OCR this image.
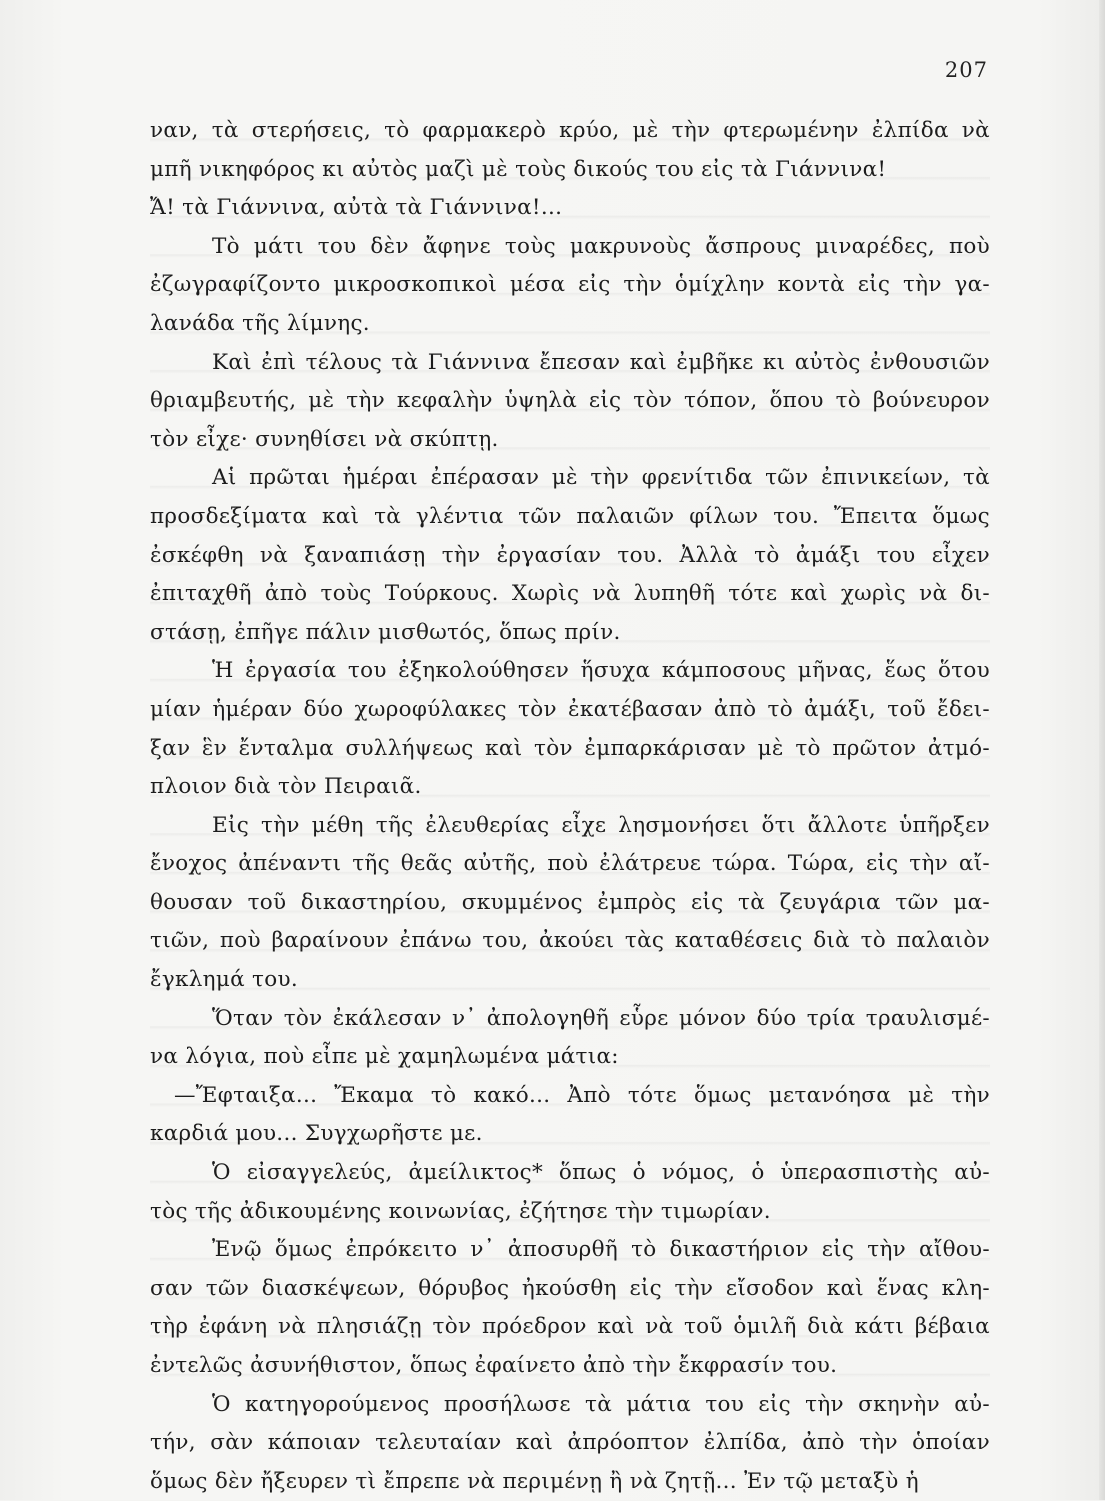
207
ναν, τὰ στερήσεις, τὸ φαρμακερὸ κρύο, μὲ τὴν φτερωμένην ἐλπίδα νὰ
μπῆ νικηφόρος κι αὐτὸς μαζὶ μὲ τοὺς δικούς του εἰς τὰ Γιάννινα!
Ἄ! τὰ Γιάννινα, αὐτὰ τὰ Γιάννινα!...
Τὸ μάτι του δὲν ἄφηνε τοὺς μακρυνοὺς ἄσπρους μιναρέδες, ποὺ
ἐζωγραφίζοντο μικροσκοπικοὶ μέσα εἰς τὴν ὁμίχλην κοντὰ εἰς τὴν γα-
λανάδα τῆς λίμνης.
Καὶ ἐπὶ τέλους τὰ Γιάννινα ἔπεσαν καὶ ἐμβῆκε κι αὐτὸς ἐνθουσιῶν
θριαμβευτής, μὲ τὴν κεφαλὴν ὑψηλὰ εἰς τὸν τόπον, ὅπου τὸ βούνευρον
τὸν εἶχε· συνηθίσει νὰ σκύπτῃ.
Αἱ πρῶται ἡμέραι ἐπέρασαν μὲ τὴν φρενίτιδα τῶν ἐπινικείων, τὰ
προσδεξίματα καὶ τὰ γλέντια τῶν παλαιῶν φίλων του. Ἔπειτα ὅμως
ἐσκέφθη νὰ ξαναπιάσῃ τὴν ἐργασίαν του. Ἀλλὰ τὸ ἀμάξι του εἶχεν
ἐπιταχθῆ ἀπὸ τοὺς Τούρκους. Χωρὶς νὰ λυπηθῆ τότε καὶ χωρὶς νὰ δι-
στάσῃ, ἐπῆγε πάλιν μισθωτός, ὅπως πρίν.
Ἡ ἐργασία του ἐξηκολούθησεν ἥσυχα κάμποσους μῆνας, ἕως ὅτου
μίαν ἡμέραν δύο χωροφύλακες τὸν ἐκατέβασαν ἀπὸ τὸ ἀμάξι, τοῦ ἔδει-
ξαν ἓν ἔνταλμα συλλήψεως καὶ τὸν ἐμπαρκάρισαν μὲ τὸ πρῶτον ἀτμό-
πλοιον διὰ τὸν Πειραιᾶ.
Εἰς τὴν μέθη τῆς ἐλευθερίας εἶχε λησμονήσει ὅτι ἄλλοτε ὑπῆρξεν
ἔνοχος ἀπέναντι τῆς θεᾶς αὐτῆς, ποὺ ἐλάτρευε τώρα. Τώρα, εἰς τὴν αἴ-
θουσαν τοῦ δικαστηρίου, σκυμμένος ἐμπρὸς εἰς τὰ ζευγάρια τῶν μα-
τιῶν, ποὺ βαραίνουν ἐπάνω του, ἀκούει τὰς καταθέσεις διὰ τὸ παλαιὸν
ἔγκλημά του.
Ὅταν τὸν ἐκάλεσαν ν᾽ ἀπολογηθῆ εὗρε μόνον δύο τρία τραυλισμέ-
να λόγια, ποὺ εἶπε μὲ χαμηλωμένα μάτια:
—Ἔφταιξα... Ἔκαμα τὸ κακό... Ἀπὸ τότε ὅμως μετανόησα μὲ τὴν
καρδιά μου... Συγχωρῆστε με.
Ὁ εἰσαγγελεύς, ἀμείλικτος* ὅπως ὁ νόμος, ὁ ὑπερασπιστὴς αὐ-
τὸς τῆς ἀδικουμένης κοινωνίας, ἐζήτησε τὴν τιμωρίαν.
Ἐνῷ ὅμως ἐπρόκειτο ν᾽ ἀποσυρθῆ τὸ δικαστήριον εἰς τὴν αἴθου-
σαν τῶν διασκέψεων, θόρυβος ἠκούσθη εἰς τὴν εἴσοδον καὶ ἕνας κλη-
τὴρ ἐφάνη νὰ πλησιάζῃ τὸν πρόεδρον καὶ νὰ τοῦ ὁμιλῆ διὰ κάτι βέβαια
ἐντελῶς ἀσυνήθιστον, ὅπως ἐφαίνετο ἀπὸ τὴν ἔκφρασίν του.
Ὁ κατηγορούμενος προσήλωσε τὰ μάτια του εἰς τὴν σκηνὴν αὐ-
τήν, σὰν κάποιαν τελευταίαν καὶ ἀπρόοπτον ἐλπίδα, ἀπὸ τὴν ὁποίαν
ὅμως δὲν ἤξευρεν τὶ ἔπρεπε νὰ περιμένῃ ἢ νὰ ζητῇ... Ἐν τῷ μεταξὺ ἡ
